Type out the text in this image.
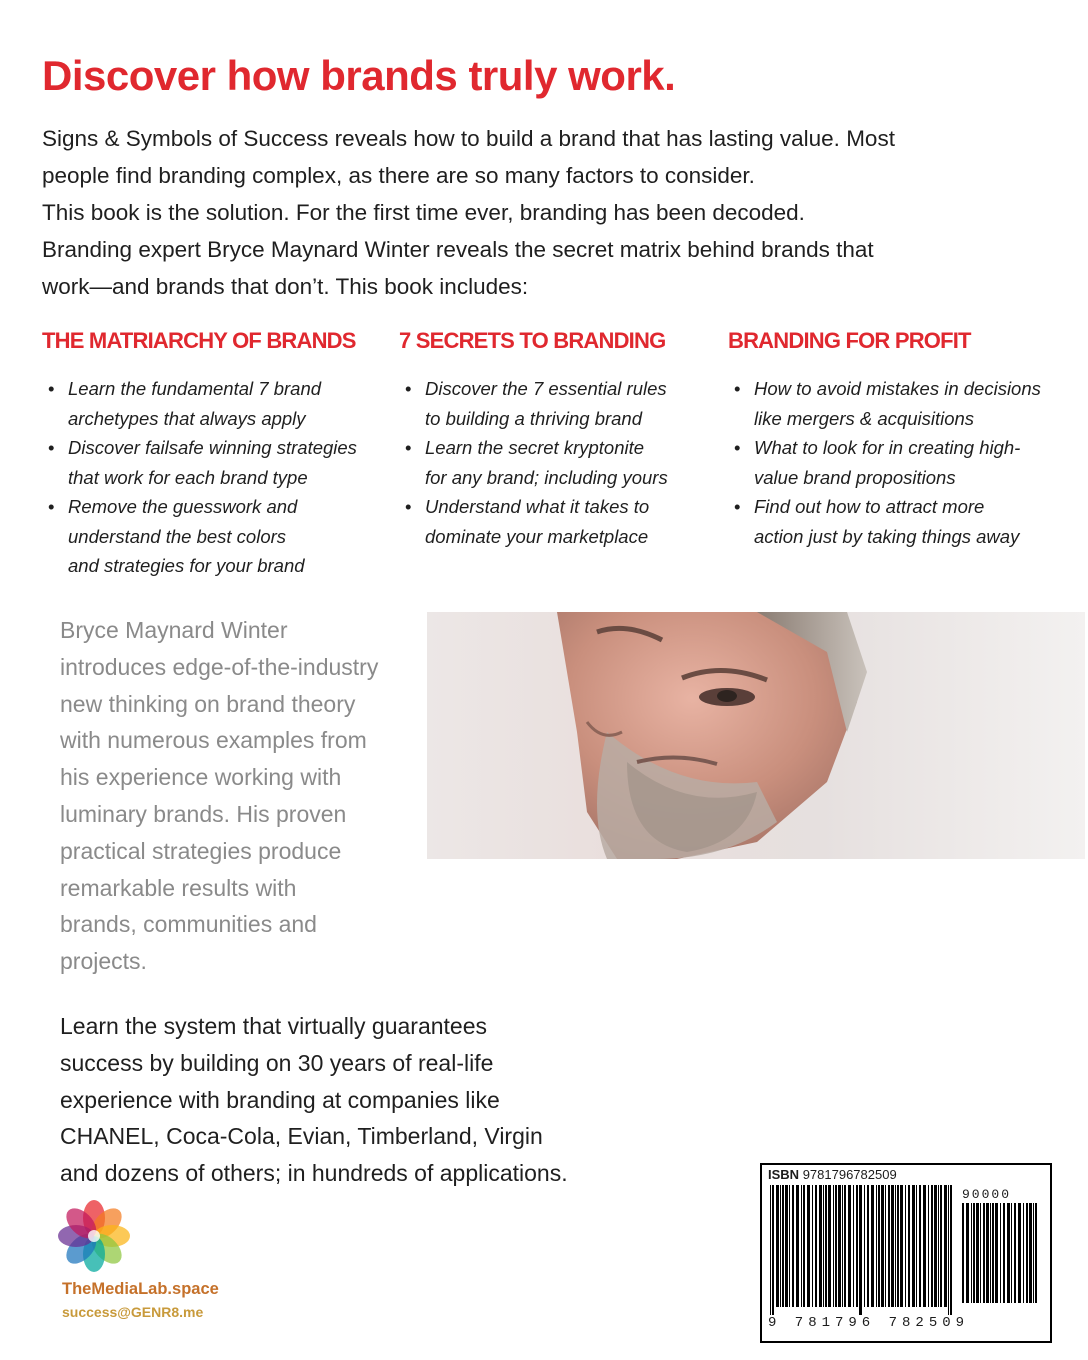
Discover how brands truly work.

Signs & Symbols of Success reveals how to build a brand that has lasting value. Most

people find branding complex, as there are so many factors to consider.

This book is the solution. For the first time ever, branding has been decoded.

Branding expert Bryce Maynard Winter reveals the secret matrix behind brands that

work—and brands that don’t. This book includes:

THE MATRIARCHY OF BRANDS
• Learn the fundamental 7 brand
archetypes that always apply
• Discover failsafe winning strategies
that work for each brand type
• Remove the guesswork and
understand the best colors
and strategies for your brand
7 SECRETS TO BRANDING
• Discover the 7 essential rules
to building a thriving brand
• Learn the secret kryptonite
for any brand; including yours
• Understand what it takes to
dominate your marketplace
BRANDING FOR PROFIT
• How to avoid mistakes in decisions
like mergers & acquisitions
• What to look for in creating high-
value brand propositions
• Find out how to attract more
action just by taking things away
Bryce Maynard Winter
introduces edge-of-the-industry
new thinking on brand theory
with numerous examples from
his experience working with
luminary brands. His proven
practical strategies produce
remarkable results with
brands, communities and
projects.
Learn the system that virtually guarantees
success by building on 30 years of real-life
experience with branding at companies like
CHANEL, Coca-Cola, Evian, Timberland, Virgin
and dozens of others; in hundreds of applications.
TheMediaLab.space
success@GENR8.me
ISBN 9781796782509
90000
9 781796 782509
